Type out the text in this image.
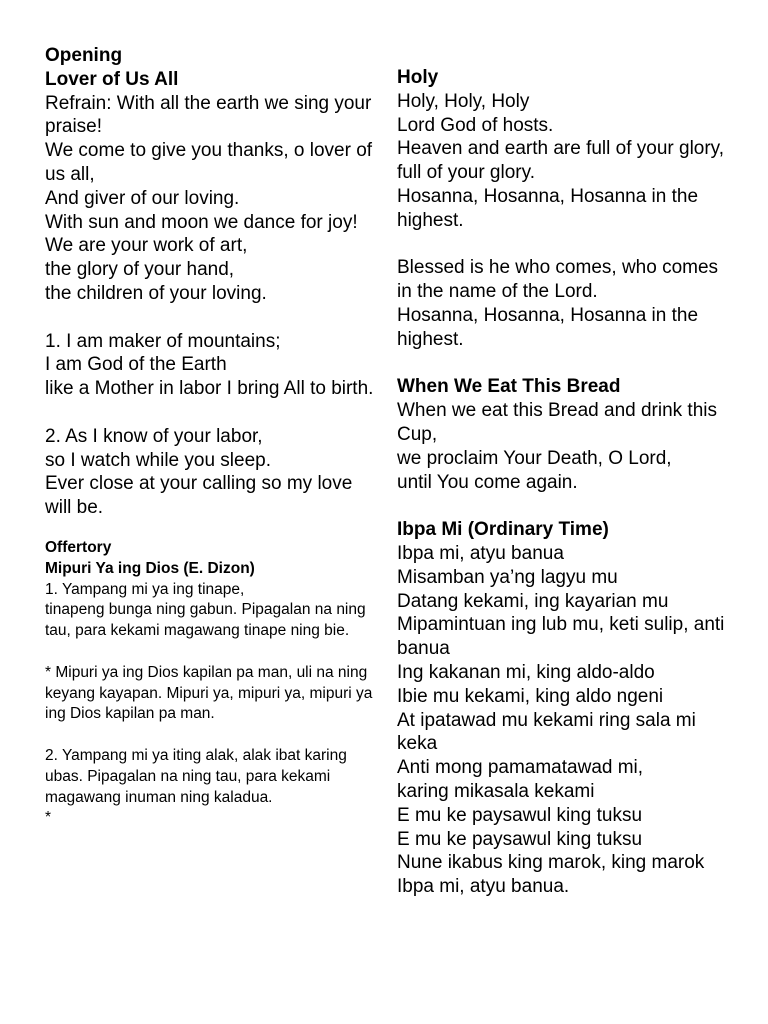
Opening
Lover of Us All
Refrain: With all the earth we sing your praise!
We come to give you thanks, o lover of us all,
And giver of our loving.
With sun and moon we dance for joy!
We are your work of art,
the glory of your hand,
the children of your loving.
1. I am maker of mountains;
I am God of the Earth
like a Mother in labor I bring All to birth.
2. As I know of your labor,
so I watch while you sleep.
Ever close at your calling so my love will be.
Offertory
Mipuri Ya ing Dios (E. Dizon)
1. Yampang mi ya ing tinape,
tinapeng bunga ning gabun. Pipagalan na ning tau, para kekami magawang tinape ning bie.
* Mipuri ya ing Dios kapilan pa man, uli na ning keyang kayapan. Mipuri ya, mipuri ya, mipuri ya ing Dios kapilan pa man.
2. Yampang mi ya iting alak, alak ibat karing ubas. Pipagalan na ning tau, para kekami magawang inuman ning kaladua.
*
Holy
Holy, Holy, Holy
Lord God of hosts.
Heaven and earth are full of your glory,
full of your glory.
Hosanna, Hosanna, Hosanna in the highest.
Blessed is he who comes, who comes in the name of the Lord.
Hosanna, Hosanna, Hosanna in the highest.
When We Eat This Bread
When we eat this Bread and drink this Cup,
we proclaim Your Death, O Lord,
until You come again.
Ibpa Mi (Ordinary Time)
Ibpa mi, atyu banua
Misamban ya’ng lagyu mu
Datang kekami, ing kayarian mu
Mipamintuan ing lub mu, keti sulip, anti banua
Ing kakanan mi, king aldo-aldo
Ibie mu kekami, king aldo ngeni
At ipatawad mu kekami ring sala mi keka
Anti mong pamamatawad mi,
karing mikasala kekami
E mu ke paysawul king tuksu
E mu ke paysawul king tuksu
Nune ikabus king marok, king marok
Ibpa mi, atyu banua.
